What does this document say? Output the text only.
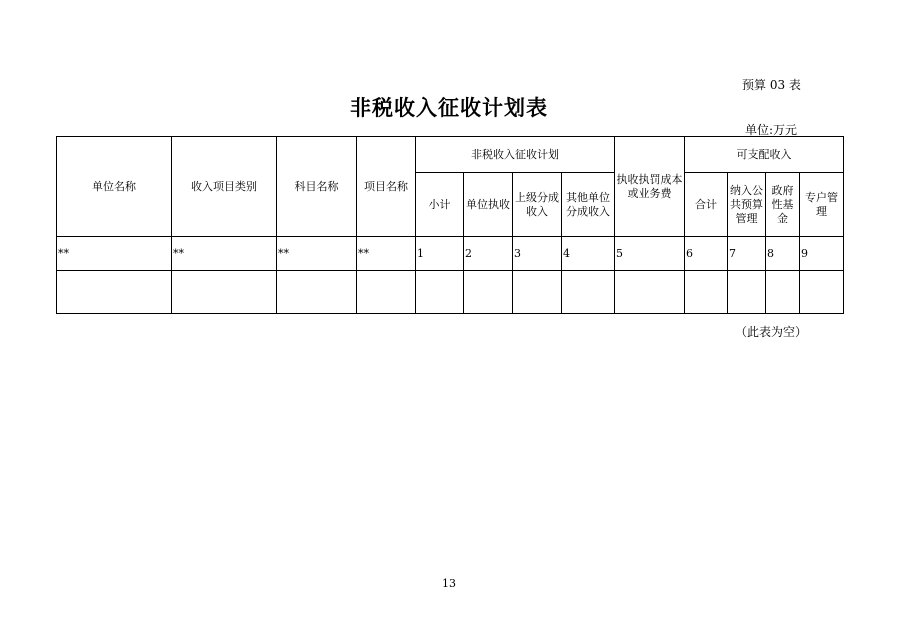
预算 03 表
非税收入征收计划表
单位:万元
单位名称	收入项目类别	科目名称	项目名称	非税收入征收计划				执收执罚成本或业务费	可支配收入			
				小计	单位执收	上级分成收入	其他单位分成收入		合计	纳入公共预算管理	政府性基金	专户管理
**	**	**	**	1	2	3	4	5	6	7	8	9

（此表为空）
13
